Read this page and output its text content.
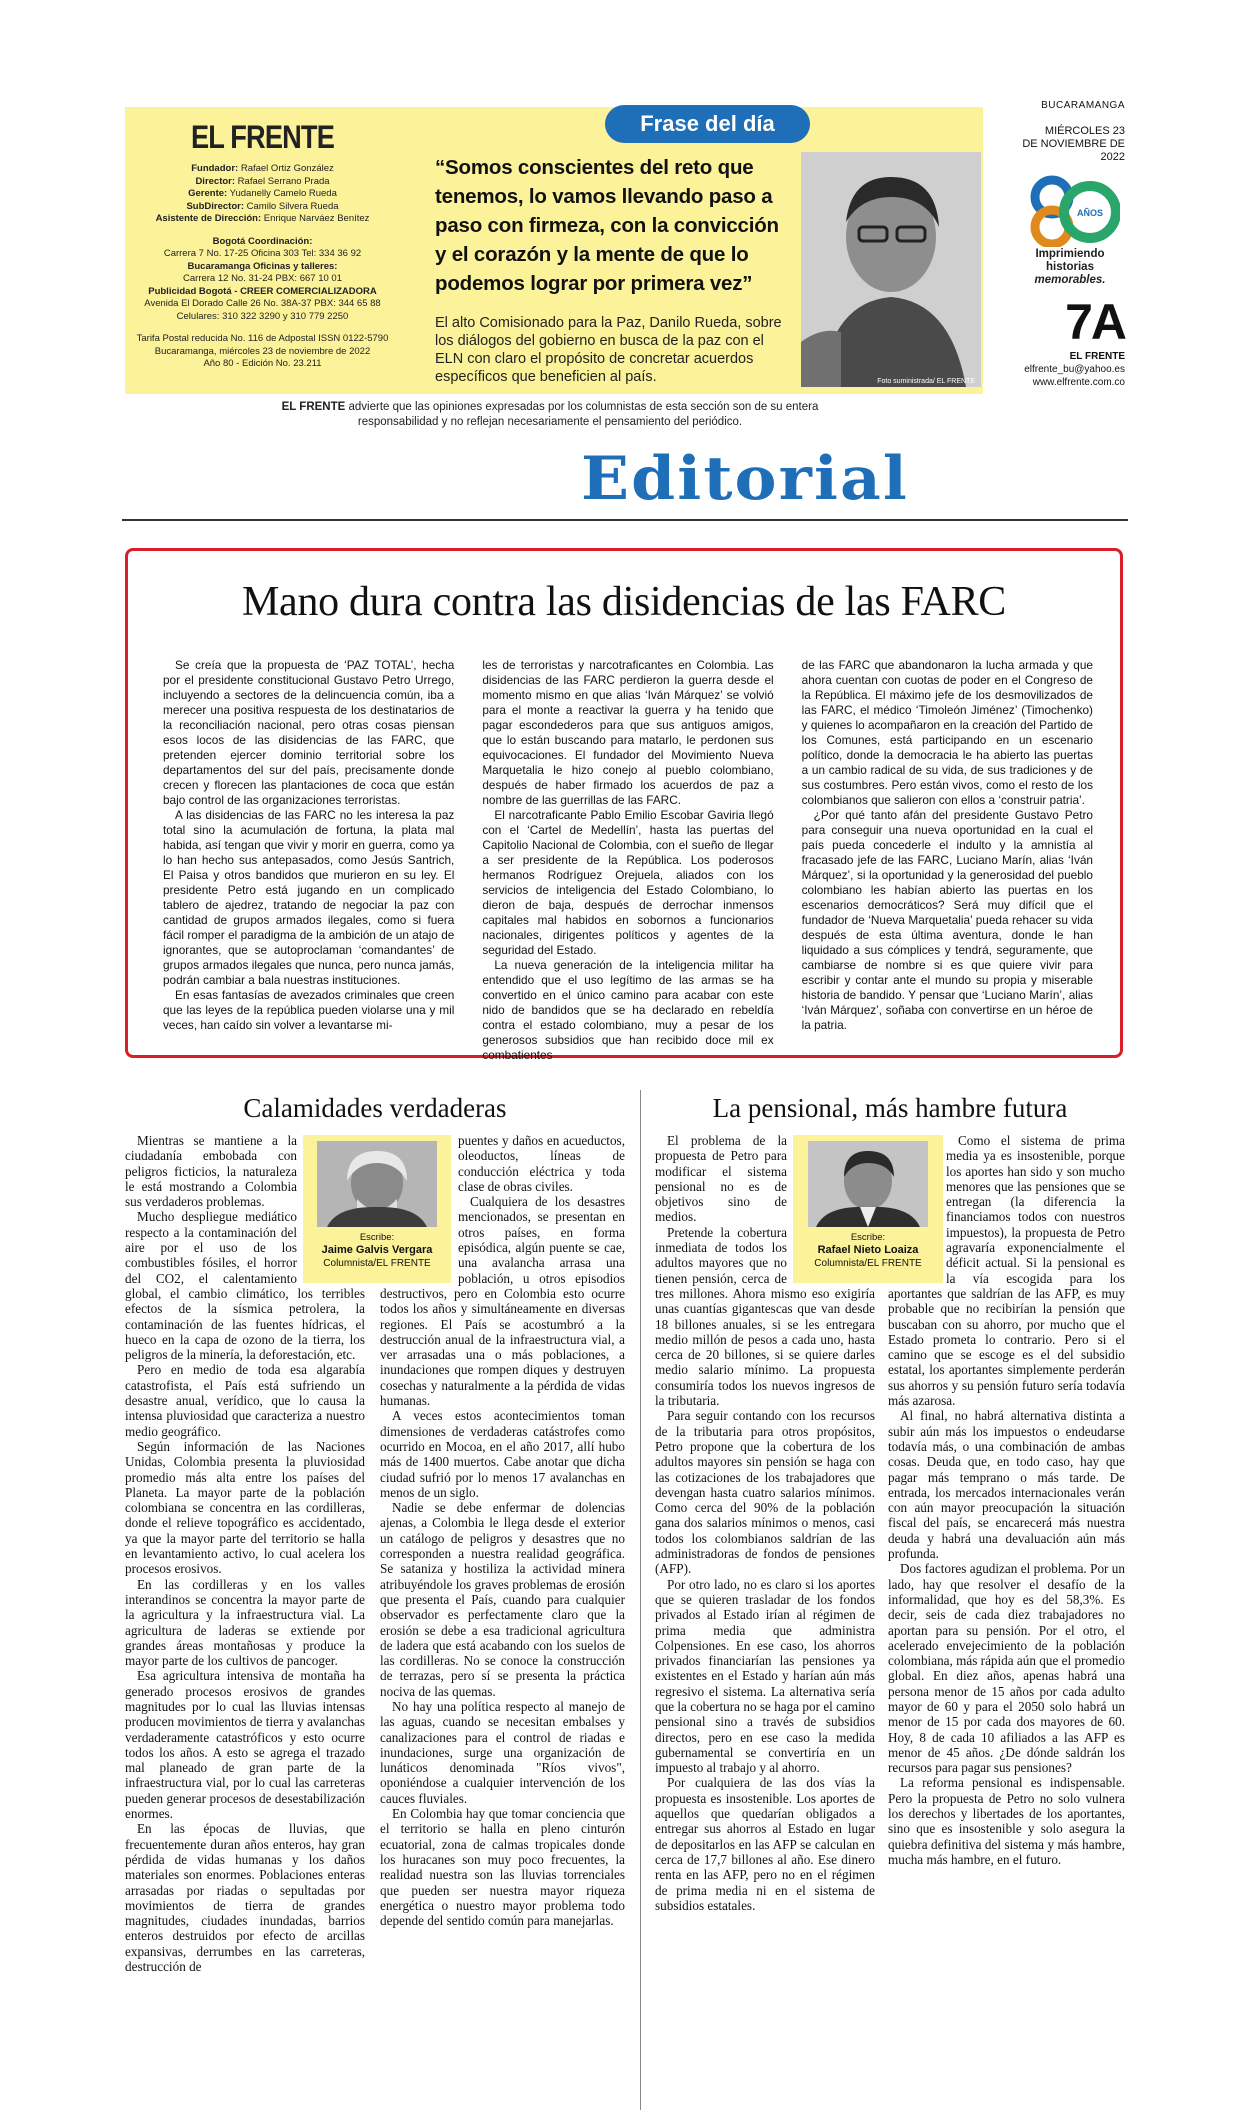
EL FRENTE
Fundador: Rafael Ortiz González
Director: Rafael Serrano Prada
Gerente: Yudanelly Camelo Rueda
SubDirector: Camilo Silvera Rueda
Asistente de Dirección: Enrique Narváez Benítez
Bogotá Coordinación:
Carrera 7 No. 17-25 Oficina 303 Tel: 334 36 92
Bucaramanga Oficinas y talleres:
Carrera 12 No. 31-24 PBX: 667 10 01
Publicidad Bogotá - CREER COMERCIALIZADORA
Avenida El Dorado Calle 26 No. 38A-37 PBX: 344 65 88
Celulares: 310 322 3290 y 310 779 2250
Tarifa Postal reducida No. 116 de Adpostal ISSN 0122-5790
Bucaramanga, miércoles 23 de noviembre de 2022
Año 80 - Edición No. 23.211
Frase del día
“Somos conscientes del reto que tenemos, lo vamos llevando paso a paso con firmeza, con la convicción y el corazón y la mente de que lo podemos lograr por primera vez”
El alto Comisionado para la Paz, Danilo Rueda, sobre los diálogos del gobierno en busca de la paz con el ELN con claro el propósito de concretar acuerdos específicos que beneficien al país.	Foto suministrada/ EL FRENTE
BUCARAMANGA
MIÉRCOLES 23
DE NOVIEMBRE DE 2022
AÑOS
Imprimiendo historias
memorables.
7A
EL FRENTE
elfrente_bu@yahoo.es
www.elfrente.com.co
EL FRENTE advierte que las opiniones expresadas por los columnistas de esta sección son de su entera responsabilidad y no reflejan necesariamente el pensamiento del periódico.
Editorial
Mano dura contra las disidencias de las FARC

Se creía que la propuesta de ‘PAZ TOTAL’, hecha por el presidente constitucional Gustavo Petro Urrego, incluyendo a sectores de la delincuencia común, iba a merecer una positiva respuesta de los destinatarios de la reconciliación nacional, pero otras cosas piensan esos locos de las disidencias de las FARC, que pretenden ejercer dominio territorial sobre los departamentos del sur del país, precisamente donde crecen y florecen las plantaciones de coca que están bajo control de las organizaciones terroristas.

A las disidencias de las FARC no les interesa la paz total sino la acumulación de fortuna, la plata mal habida, así tengan que vivir y morir en guerra, como ya lo han hecho sus antepasados, como Jesús Santrich, El Paisa y otros bandidos que murieron en su ley. El presidente Petro está jugando en un complicado tablero de ajedrez, tratando de negociar la paz con cantidad de grupos armados ilegales, como si fuera fácil romper el paradigma de la ambición de un atajo de ignorantes, que se autoproclaman ‘comandantes’ de grupos armados ilegales que nunca, pero nunca jamás, podrán cambiar a bala nuestras instituciones.

En esas fantasías de avezados criminales que creen que las leyes de la república pueden violarse una y mil veces, han caído sin volver a levantarse mi-

les de terroristas y narcotraficantes en Colombia. Las disidencias de las FARC perdieron la guerra desde el momento mismo en que alias ‘Iván Márquez’ se volvió para el monte a reactivar la guerra y ha tenido que pagar escondederos para que sus antiguos amigos, que lo están buscando para matarlo, le perdonen sus equivocaciones. El fundador del Movimiento Nueva Marquetalia le hizo conejo al pueblo colombiano, después de haber firmado los acuerdos de paz a nombre de las guerrillas de las FARC.

El narcotraficante Pablo Emilio Escobar Gaviria llegó con el ‘Cartel de Medellín’, hasta las puertas del Capitolio Nacional de Colombia, con el sueño de llegar a ser presidente de la República. Los poderosos hermanos Rodríguez Orejuela, aliados con los servicios de inteligencia del Estado Colombiano, lo dieron de baja, después de derrochar inmensos capitales mal habidos en sobornos a funcionarios nacionales, dirigentes políticos y agentes de la seguridad del Estado.

La nueva generación de la inteligencia militar ha entendido que el uso legítimo de las armas se ha convertido en el único camino para acabar con este nido de bandidos que se ha declarado en rebeldía contra el estado colombiano, muy a pesar de los generosos subsidios que han recibido doce mil ex combatientes

de las FARC que abandonaron la lucha armada y que ahora cuentan con cuotas de poder en el Congreso de la República. El máximo jefe de los desmovilizados de las FARC, el médico ‘Timoleón Jiménez’ (Timochenko) y quienes lo acompañaron en la creación del Partido de los Comunes, está participando en un escenario político, donde la democracia le ha abierto las puertas a un cambio radical de su vida, de sus tradiciones y de sus costumbres. Pero están vivos, como el resto de los colombianos que salieron con ellos a ‘construir patria’.

¿Por qué tanto afán del presidente Gustavo Petro para conseguir una nueva oportunidad en la cual el país pueda concederle el indulto y la amnistía al fracasado jefe de las FARC, Luciano Marín, alias ‘Iván Márquez’, si la oportunidad y la generosidad del pueblo colombiano les habían abierto las puertas en los escenarios democráticos? Será muy difícil que el fundador de ‘Nueva Marquetalia’ pueda rehacer su vida después de esta última aventura, donde le han liquidado a sus cómplices y tendrá, seguramente, que cambiarse de nombre si es que quiere vivir para escribir y contar ante el mundo su propia y miserable historia de bandido. Y pensar que ‘Luciano Marín’, alias ‘Iván Márquez’, soñaba con convertirse en un héroe de la patria.

Calamidades verdaderas
Escribe:
Jaime Galvis Vergara
Columnista/EL FRENTE

Mientras se mantiene a la ciudadanía embobada con peligros ficticios, la naturaleza le está mostrando a Colombia sus verdaderos problemas.

Mucho despliegue mediático respecto a la contaminación del aire por el uso de los combustibles fósiles, el horror del CO2, el calentamiento global, el cambio climático, los terribles efectos de la sísmica petrolera, la contaminación de las fuentes hídricas, el hueco en la capa de ozono de la tierra, los peligros de la minería, la deforestación, etc.

Pero en medio de toda esa algarabía catastrofista, el País está sufriendo un desastre anual, verídico, que lo causa la intensa pluviosidad que caracteriza a nuestro medio geográfico.

Según información de las Naciones Unidas, Colombia presenta la pluviosidad promedio más alta entre los países del Planeta. La mayor parte de la población colombiana se concentra en las cordilleras, donde el relieve topográfico es accidentado, ya que la mayor parte del territorio se halla en levantamiento activo, lo cual acelera los procesos erosivos.

En las cordilleras y en los valles interandinos se concentra la mayor parte de la agricultura y la infraestructura vial. La agricultura de laderas se extiende por grandes áreas montañosas y produce la mayor parte de los cultivos de pancoger.

Esa agricultura intensiva de montaña ha generado procesos erosivos de grandes magnitudes por lo cual las lluvias intensas producen movimientos de tierra y avalanchas verdaderamente catastróficos y esto ocurre todos los años. A esto se agrega el trazado mal planeado de gran parte de la infraestructura vial, por lo cual las carreteras pueden generar procesos de desestabilización enormes.

En las épocas de lluvias, que frecuentemente duran años enteros, hay gran pérdida de vidas humanas y los daños materiales son enormes. Poblaciones enteras arrasadas por riadas o sepultadas por movimientos de tierra de grandes magnitudes, ciudades inundadas, barrios enteros destruidos por efecto de arcillas expansivas, derrumbes en las carreteras, destrucción de

puentes y daños en acueductos, oleoductos, líneas de conducción eléctrica y toda clase de obras civiles.

Cualquiera de los desastres mencionados, se presentan en otros países, en forma episódica, algún puente se cae, una avalancha arrasa una población, u otros episodios destructivos, pero en Colombia esto ocurre todos los años y simultáneamente en diversas regiones. El País se acostumbró a la destrucción anual de la infraestructura vial, a ver arrasadas una o más poblaciones, a inundaciones que rompen diques y destruyen cosechas y naturalmente a la pérdida de vidas humanas.

A veces estos acontecimientos toman dimensiones de verdaderas catástrofes como ocurrido en Mocoa, en el año 2017, allí hubo más de 1400 muertos. Cabe anotar que dicha ciudad sufrió por lo menos 17 avalanchas en menos de un siglo.

Nadie se debe enfermar de dolencias ajenas, a Colombia le llega desde el exterior un catálogo de peligros y desastres que no corresponden a nuestra realidad geográfica. Se sataniza y hostiliza la actividad minera atribuyéndole los graves problemas de erosión que presenta el País, cuando para cualquier observador es perfectamente claro que la erosión se debe a esa tradicional agricultura de ladera que está acabando con los suelos de las cordilleras. No se conoce la construcción de terrazas, pero sí se presenta la práctica nociva de las quemas.

No hay una política respecto al manejo de las aguas, cuando se necesitan embalses y canalizaciones para el control de riadas e inundaciones, surge una organización de lunáticos denominada "Ríos vivos", oponiéndose a cualquier intervención de los cauces fluviales.

En Colombia hay que tomar conciencia que el territorio se halla en pleno cinturón ecuatorial, zona de calmas tropicales donde los huracanes son muy poco frecuentes, la realidad nuestra son las lluvias torrenciales que pueden ser nuestra mayor riqueza energética o nuestro mayor problema todo depende del sentido común para manejarlas.

La pensional, más hambre futura
Escribe:
Rafael Nieto Loaiza
Columnista/EL FRENTE

El problema de la propuesta de Petro para modificar el sistema pensional no es de objetivos sino de medios.

Pretende la cobertura inmediata de todos los adultos mayores que no tienen pensión, cerca de tres millones. Ahora mismo eso exigiría unas cuantías gigantescas que van desde 18 billones anuales, si se les entregara medio millón de pesos a cada uno, hasta cerca de 20 billones, si se quiere darles medio salario mínimo. La propuesta consumiría todos los nuevos ingresos de la tributaria.

Para seguir contando con los recursos de la tributaria para otros propósitos, Petro propone que la cobertura de los adultos mayores sin pensión se haga con las cotizaciones de los trabajadores que devengan hasta cuatro salarios mínimos. Como cerca del 90% de la población gana dos salarios mínimos o menos, casi todos los colombianos saldrían de las administradoras de fondos de pensiones (AFP).

Por otro lado, no es claro si los aportes que se quieren trasladar de los fondos privados al Estado irían al régimen de prima media que administra Colpensiones. En ese caso, los ahorros privados financiarían las pensiones ya existentes en el Estado y harían aún más regresivo el sistema. La alternativa sería que la cobertura no se haga por el camino pensional sino a través de subsidios directos, pero en ese caso la medida gubernamental se convertiría en un impuesto al trabajo y al ahorro.

Por cualquiera de las dos vías la propuesta es insostenible. Los aportes de aquellos que quedarían obligados a entregar sus ahorros al Estado en lugar de depositarlos en las AFP se calculan en cerca de 17,7 billones al año. Ese dinero renta en las AFP, pero no en el régimen de prima media ni en el sistema de subsidios estatales.

Como el sistema de prima media ya es insostenible, porque los aportes han sido y son mucho menores que las pensiones que se entregan (la diferencia la financiamos todos con nuestros impuestos), la propuesta de Petro agravaría exponencialmente el déficit actual. Si la pensional es la vía escogida para los aportantes que saldrían de las AFP, es muy probable que no recibirían la pensión que buscaban con su ahorro, por mucho que el Estado prometa lo contrario. Pero si el camino que se escoge es el del subsidio estatal, los aportantes simplemente perderán sus ahorros y su pensión futuro sería todavía más azarosa.

Al final, no habrá alternativa distinta a subir aún más los impuestos o endeudarse todavía más, o una combinación de ambas cosas. Deuda que, en todo caso, hay que pagar más temprano o más tarde. De entrada, los mercados internacionales verán con aún mayor preocupación la situación fiscal del país, se encarecerá más nuestra deuda y habrá una devaluación aún más profunda.

Dos factores agudizan el problema. Por un lado, hay que resolver el desafío de la informalidad, que hoy es del 58,3%. Es decir, seis de cada diez trabajadores no aportan para su pensión. Por el otro, el acelerado envejecimiento de la población colombiana, más rápida aún que el promedio global. En diez años, apenas habrá una persona menor de 15 años por cada adulto mayor de 60 y para el 2050 solo habrá un menor de 15 por cada dos mayores de 60. Hoy, 8 de cada 10 afiliados a las AFP es menor de 45 años. ¿De dónde saldrán los recursos para pagar sus pensiones?

La reforma pensional es indispensable. Pero la propuesta de Petro no solo vulnera los derechos y libertades de los aportantes, sino que es insostenible y solo asegura la quiebra definitiva del sistema y más hambre, mucha más hambre, en el futuro.
